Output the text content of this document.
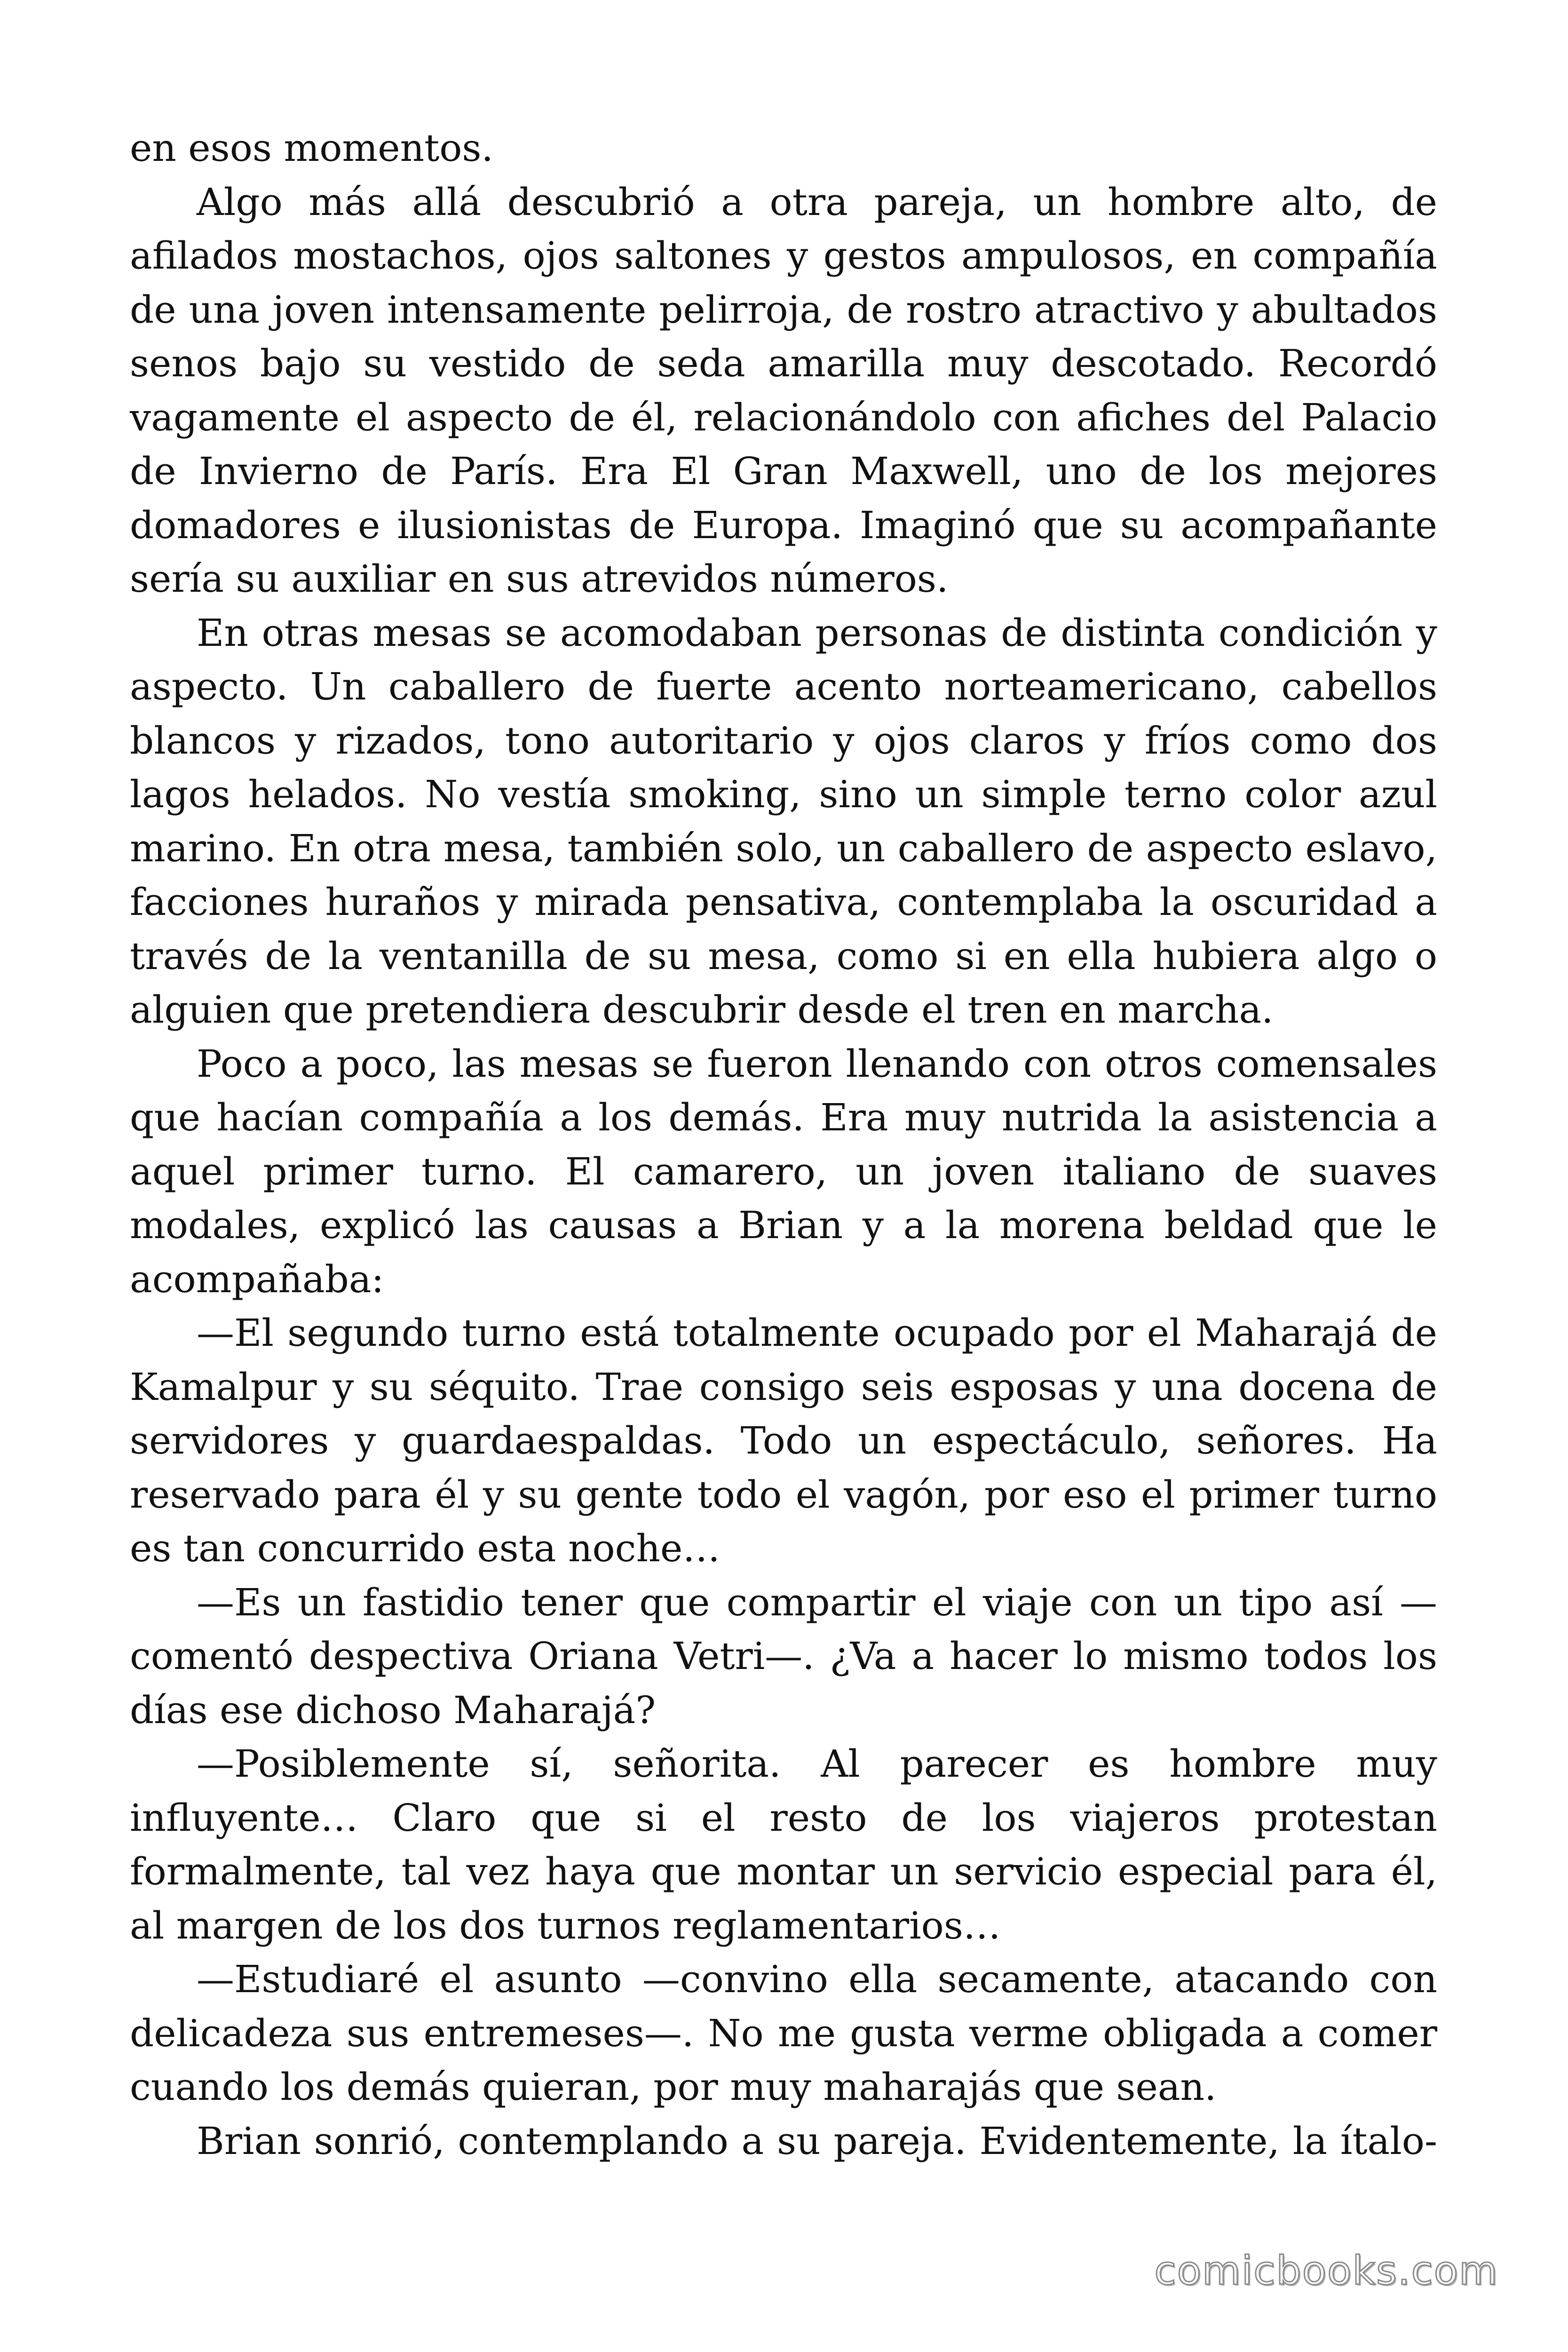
en esos momentos.

Algo más allá descubrió a otra pareja, un hombre alto, de afilados mostachos, ojos saltones y gestos ampulosos, en compañía de una joven intensamente pelirroja, de rostro atractivo y abultados senos bajo su vestido de seda amarilla muy descotado. Recordó vagamente el aspecto de él, relacionándolo con afiches del Palacio de Invierno de París. Era El Gran Maxwell, uno de los mejores domadores e ilusionistas de Europa. Imaginó que su acompañante sería su auxiliar en sus atrevidos números.

En otras mesas se acomodaban personas de distinta condición y aspecto. Un caballero de fuerte acento norteamericano, cabellos blancos y rizados, tono autoritario y ojos claros y fríos como dos lagos helados. No vestía smoking, sino un simple terno color azul marino. En otra mesa, también solo, un caballero de aspecto eslavo, facciones huraños y mirada pensativa, contemplaba la oscuridad a través de la ventanilla de su mesa, como si en ella hubiera algo o alguien que pretendiera descubrir desde el tren en marcha.

Poco a poco, las mesas se fueron llenando con otros comensales que hacían compañía a los demás. Era muy nutrida la asistencia a aquel primer turno. El camarero, un joven italiano de suaves modales, explicó las causas a Brian y a la morena beldad que le acompañaba:

—El segundo turno está totalmente ocupado por el Maharajá de Kamalpur y su séquito. Trae consigo seis esposas y una docena de servidores y guardaespaldas. Todo un espectáculo, señores. Ha reservado para él y su gente todo el vagón, por eso el primer turno es tan concurrido esta noche…

—Es un fastidio tener que compartir el viaje con un tipo así —comentó despectiva Oriana Vetri—. ¿Va a hacer lo mismo todos los días ese dichoso Maharajá?

—Posiblemente sí, señorita. Al parecer es hombre muy influyente… Claro que si el resto de los viajeros protestan formalmente, tal vez haya que montar un servicio especial para él, al margen de los dos turnos reglamentarios…

—Estudiaré el asunto —convino ella secamente, atacando con delicadeza sus entremeses—. No me gusta verme obligada a comer cuando los demás quieran, por muy maharajás que sean.

Brian sonrió, contemplando a su pareja. Evidentemente, la ítalo-

comicbooks.com
